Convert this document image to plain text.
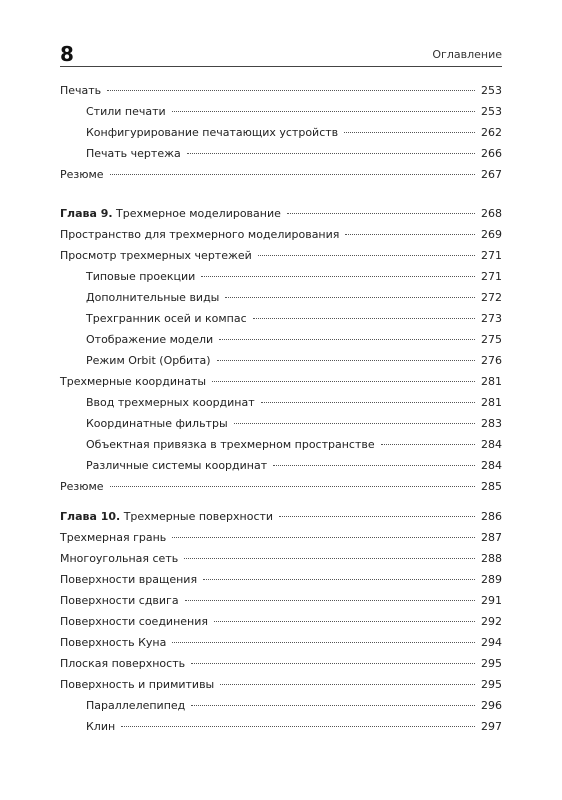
8	Оглавление
Печать	253
Стили печати	253
Конфигурирование печатающих устройств	262
Печать чертежа	266
Резюме	267
Глава 9. Трехмерное моделирование	268
Пространство для трехмерного моделирования	269
Просмотр трехмерных чертежей	271
Типовые проекции	271
Дополнительные виды	272
Трехгранник осей и компас	273
Отображение модели	275
Режим Orbit (Орбита)	276
Трехмерные координаты	281
Ввод трехмерных координат	281
Координатные фильтры	283
Объектная привязка в трехмерном пространстве	284
Различные системы координат	284
Резюме	285
Глава 10. Трехмерные поверхности	286
Трехмерная грань	287
Многоугольная сеть	288
Поверхности вращения	289
Поверхности сдвига	291
Поверхности соединения	292
Поверхность Куна	294
Плоская поверхность	295
Поверхность и примитивы	295
Параллелепипед	296
Клин	297
